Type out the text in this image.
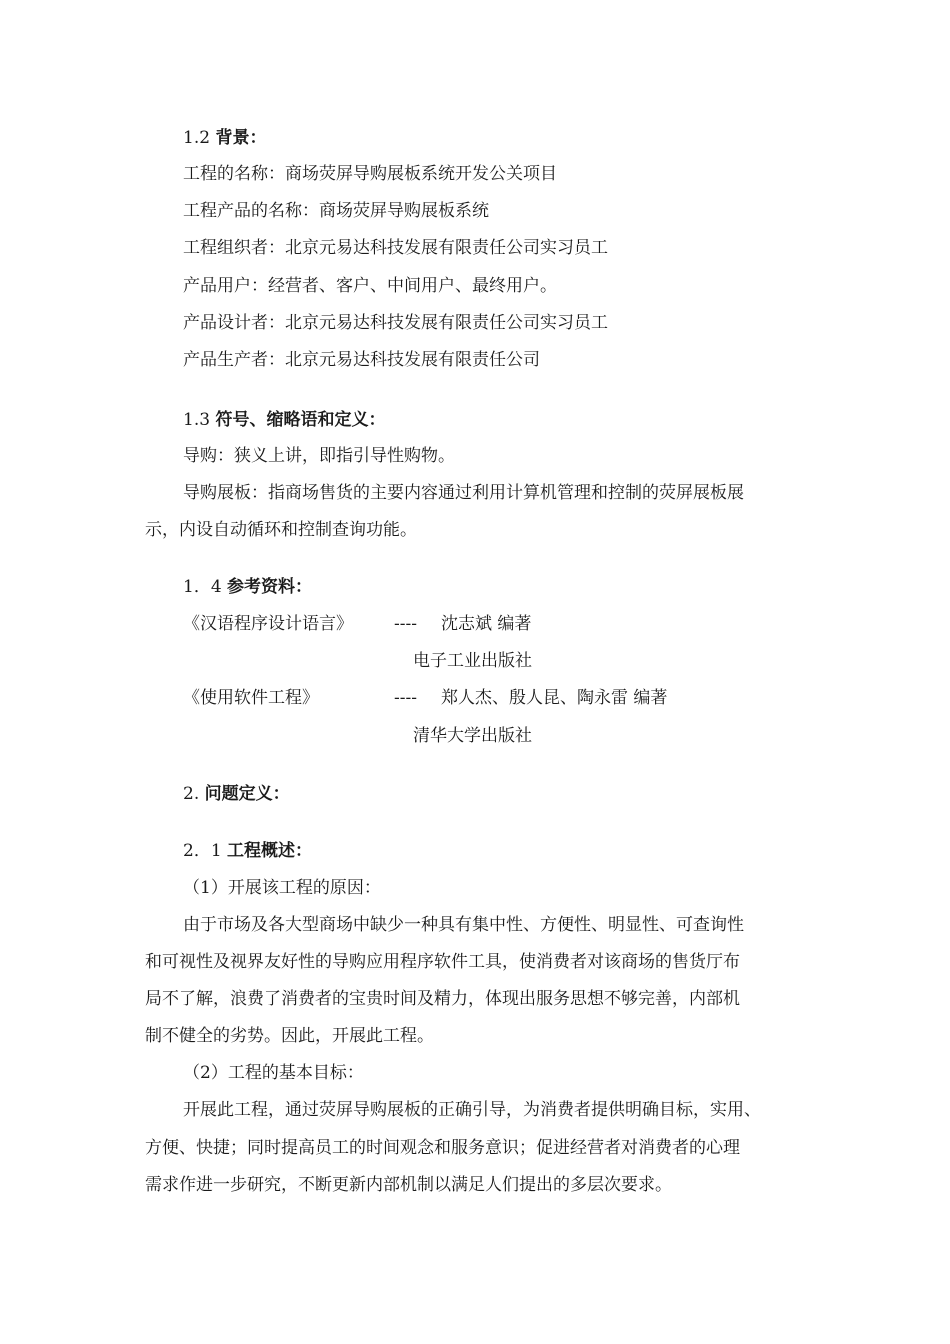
1.2 背景：
工程的名称：商场荧屏导购展板系统开发公关项目
工程产品的名称：商场荧屏导购展板系统
工程组织者：北京元易达科技发展有限责任公司实习员工
产品用户：经营者、客户、中间用户、最终用户。
产品设计者：北京元易达科技发展有限责任公司实习员工
产品生产者：北京元易达科技发展有限责任公司
1.3 符号、缩略语和定义：
导购：狭义上讲，即指引导性购物。
导购展板：指商场售货的主要内容通过利用计算机管理和控制的荧屏展板展
示，内设自动循环和控制查询功能。
1．4 参考资料：
《汉语程序设计语言》 ---- 沈志斌 编著
电子工业出版社
《使用软件工程》	---- 郑人杰、殷人昆、陶永雷 编著
清华大学出版社
2. 问题定义：
2．1 工程概述：
（1）开展该工程的原因：
由于市场及各大型商场中缺少一种具有集中性、方便性、明显性、可查询性
和可视性及视界友好性的导购应用程序软件工具，使消费者对该商场的售货厅布
局不了解，浪费了消费者的宝贵时间及精力，体现出服务思想不够完善，内部机
制不健全的劣势。因此，开展此工程。
（2）工程的基本目标：
开展此工程，通过荧屏导购展板的正确引导，为消费者提供明确目标，实用、
方便、快捷；同时提高员工的时间观念和服务意识；促进经营者对消费者的心理
需求作进一步研究，不断更新内部机制以满足人们提出的多层次要求。
